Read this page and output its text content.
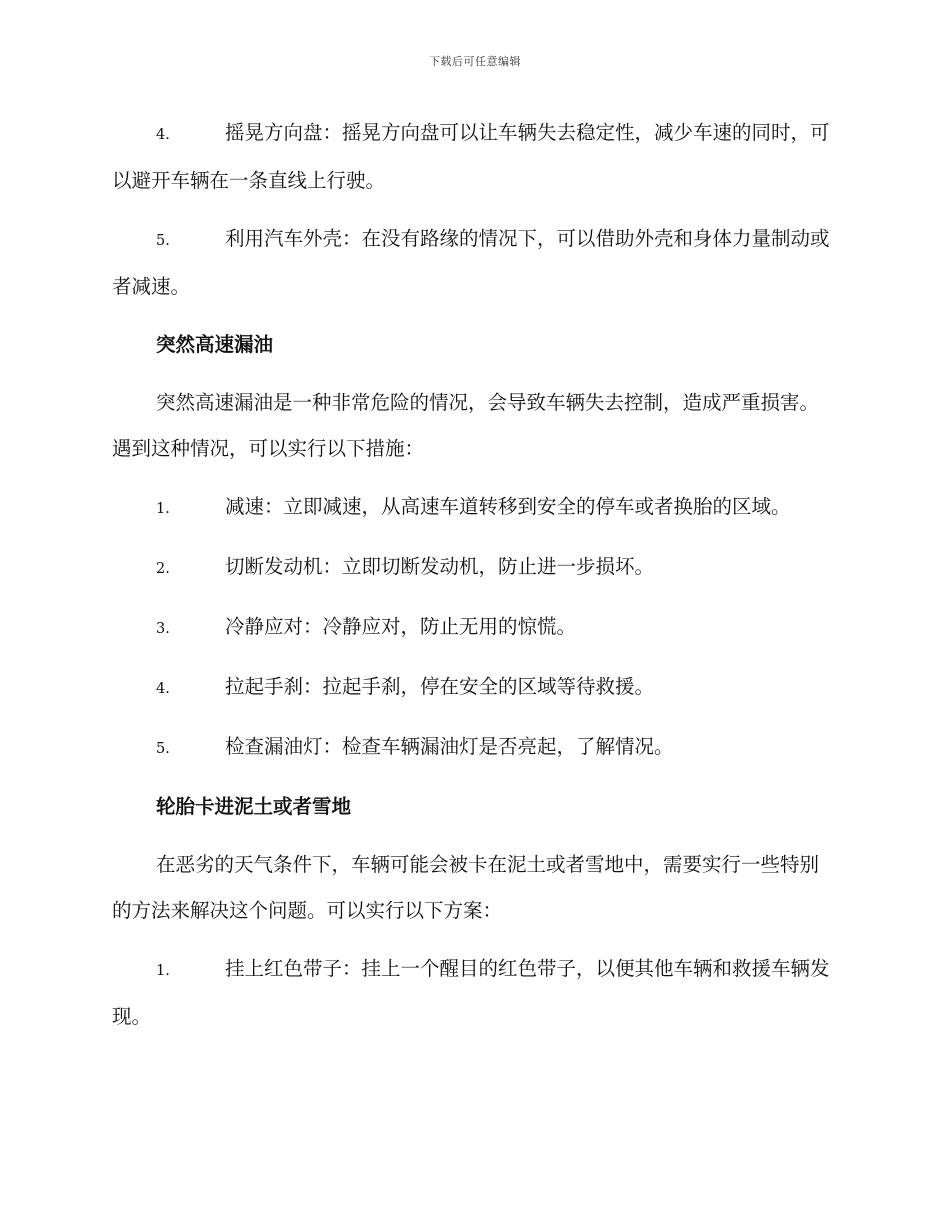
下载后可任意编辑

4.	摇晃方向盘：摇晃方向盘可以让车辆失去稳定性，减少车速的同时，可以避开车辆在一条直线上行驶。

5.	利用汽车外壳：在没有路缘的情况下，可以借助外壳和身体力量制动或者减速。

突然高速漏油

突然高速漏油是一种非常危险的情况，会导致车辆失去控制，造成严重损害。遇到这种情况，可以实行以下措施：

1.	减速：立即减速，从高速车道转移到安全的停车或者换胎的区域。

2.	切断发动机：立即切断发动机，防止进一步损坏。

3.	冷静应对：冷静应对，防止无用的惊慌。

4.	拉起手刹：拉起手刹，停在安全的区域等待救援。

5.	检查漏油灯：检查车辆漏油灯是否亮起，了解情况。

轮胎卡进泥土或者雪地

在恶劣的天气条件下，车辆可能会被卡在泥土或者雪地中，需要实行一些特别的方法来解决这个问题。可以实行以下方案：

1.	挂上红色带子：挂上一个醒目的红色带子，以便其他车辆和救援车辆发现。
